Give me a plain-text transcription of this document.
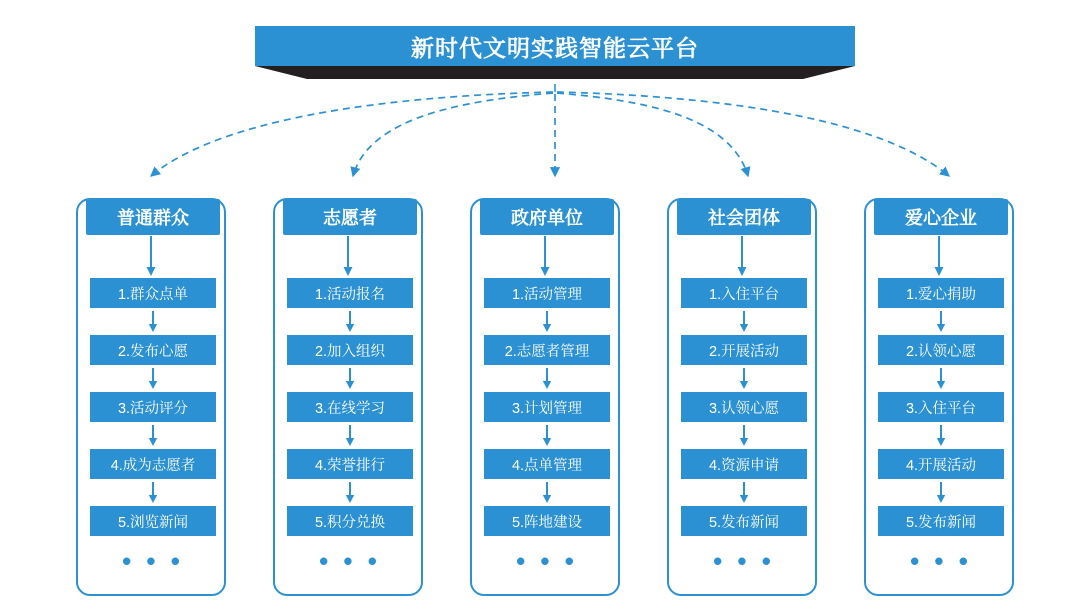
新时代文明实践智能云平台
普通群众
1.群众点单
2.发布心愿
3.活动评分
4.成为志愿者
5.浏览新闻
• • •
志愿者
1.活动报名
2.加入组织
3.在线学习
4.荣誉排行
5.积分兑换
• • •
政府单位
1.活动管理
2.志愿者管理
3.计划管理
4.点单管理
5.阵地建设
• • •
社会团体
1.入住平台
2.开展活动
3.认领心愿
4.资源申请
5.发布新闻
• • •
爱心企业
1.爱心捐助
2.认领心愿
3.入住平台
4.开展活动
5.发布新闻
• • •
